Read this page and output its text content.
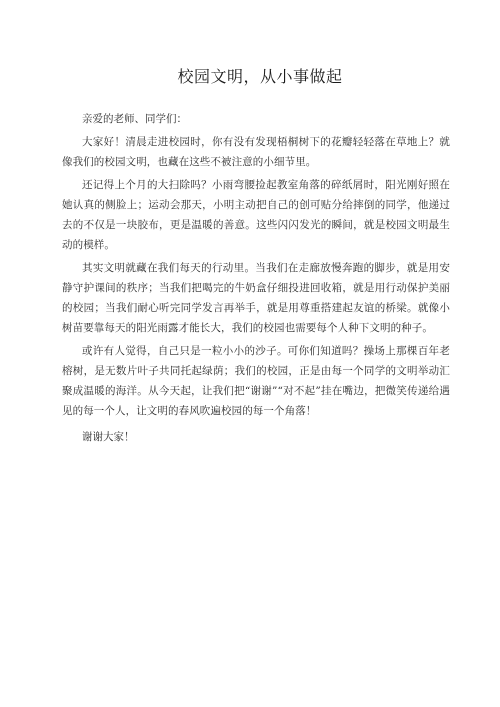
校园文明，从小事做起

亲爱的老师、同学们：

大家好！清晨走进校园时，你有没有发现梧桐树下的花瓣轻轻落在草地上？就像我们的校园文明，也藏在这些不被注意的小细节里。

还记得上个月的大扫除吗？小雨弯腰捡起教室角落的碎纸屑时，阳光刚好照在她认真的侧脸上；运动会那天，小明主动把自己的创可贴分给摔倒的同学，他递过去的不仅是一块胶布，更是温暖的善意。这些闪闪发光的瞬间，就是校园文明最生动的模样。

其实文明就藏在我们每天的行动里。当我们在走廊放慢奔跑的脚步，就是用安静守护课间的秩序；当我们把喝完的牛奶盒仔细投进回收箱，就是用行动保护美丽的校园；当我们耐心听完同学发言再举手，就是用尊重搭建起友谊的桥梁。就像小树苗要靠每天的阳光雨露才能长大，我们的校园也需要每个人种下文明的种子。

或许有人觉得，自己只是一粒小小的沙子。可你们知道吗？操场上那棵百年老榕树，是无数片叶子共同托起绿荫；我们的校园，正是由每一个同学的文明举动汇聚成温暖的海洋。从今天起，让我们把“谢谢”“对不起”挂在嘴边，把微笑传递给遇见的每一个人，让文明的春风吹遍校园的每一个角落！

谢谢大家！
